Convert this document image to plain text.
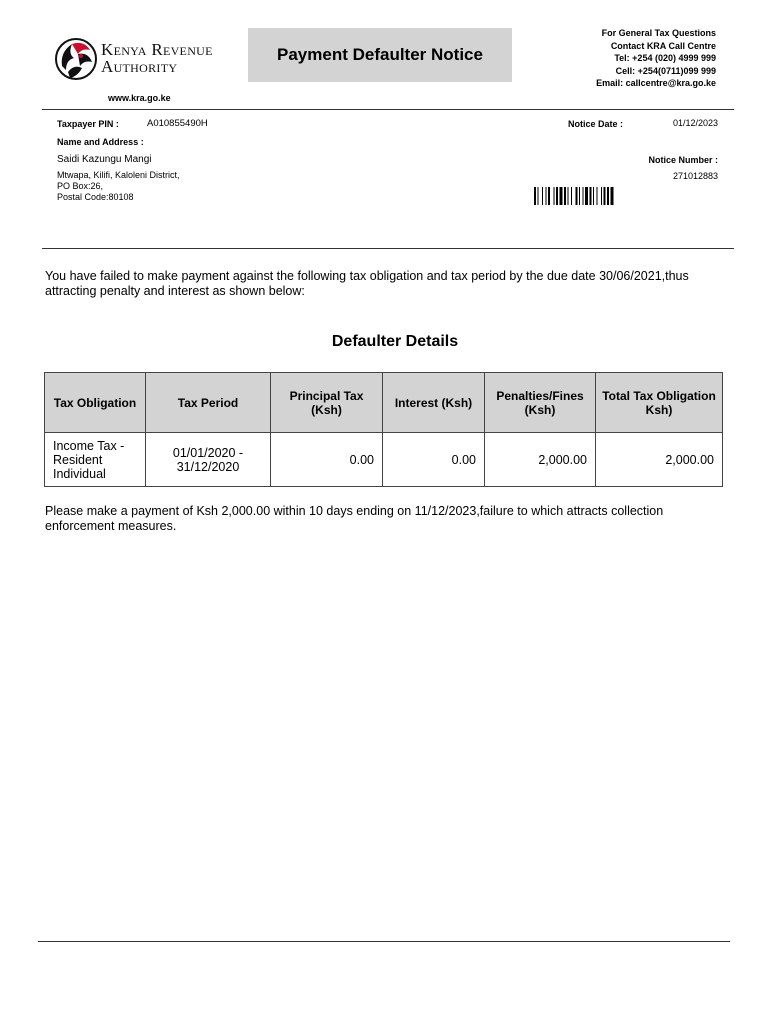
Kenya Revenue
Authority
www.kra.go.ke
Payment Defaulter Notice
For General Tax Questions
Contact KRA Call Centre
Tel: +254 (020) 4999 999
Cell: +254(0711)099 999
Email: callcentre@kra.go.ke
Taxpayer PIN :	A010855490H
Name and Address :
Saidi Kazungu Mangi
Mtwapa, Kilifi, Kaloleni District,
PO Box:26,
Postal Code:80108
Notice Date :	01/12/2023
Notice Number :
271012883
You have failed to make payment against the following tax obligation and tax period by the due date 30/06/2021,thus attracting penalty and interest as shown below:
Defaulter Details
Tax Obligation	Tax Period	Principal Tax (Ksh)	Interest (Ksh)	Penalties/Fines (Ksh)	Total Tax Obligation Ksh)
Income Tax - Resident Individual	01/01/2020 - 31/12/2020	0.00	0.00	2,000.00	2,000.00
Please make a payment of Ksh 2,000.00 within 10 days ending on 11/12/2023,failure to which attracts collection enforcement measures.
